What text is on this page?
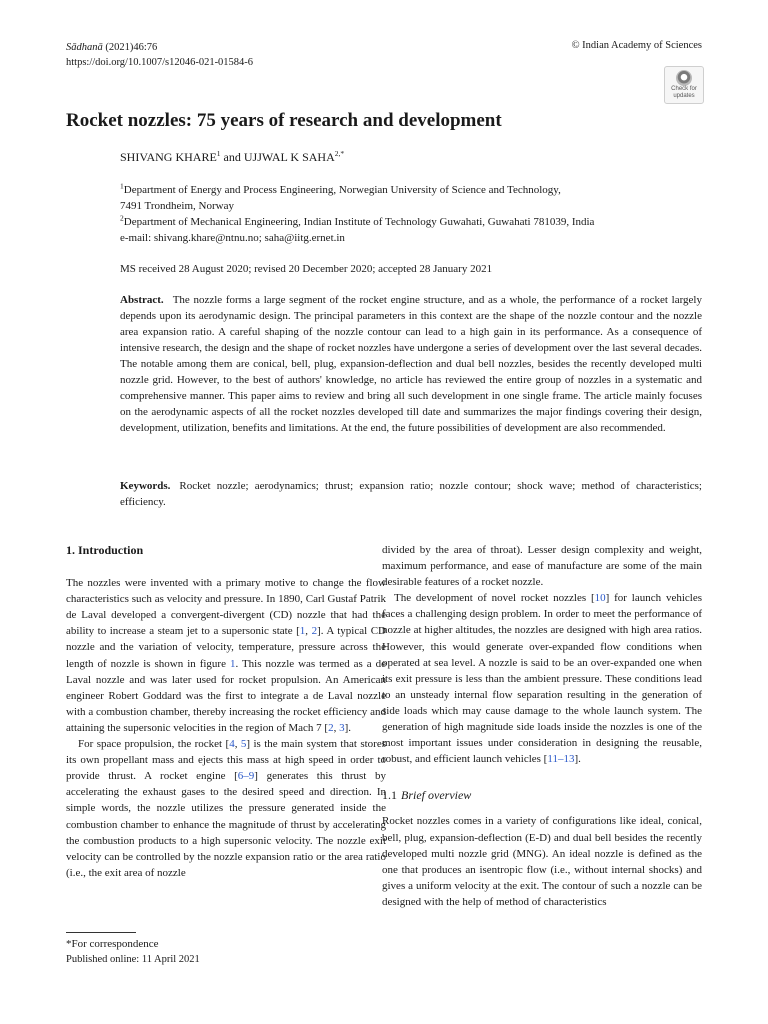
Sādhanā (2021)46:76
https://doi.org/10.1007/s12046-021-01584-6
© Indian Academy of Sciences
Check for
updates
Rocket nozzles: 75 years of research and development
SHIVANG KHARE$^1$ and UJJWAL K $SAHA^{2,*}$
$^1$Department of Energy and Process Engineering, Norwegian University of Science and Technology,
7491 Trondheim, Norway
$^2$Department of Mechanical Engineering, Indian Institute of Technology Guwahati, Guwahati 781039, India
e-mail: shivang.khare@ntnu.no; saha@iitg.ernet.in
MS received 28 August 2020; revised 20 December 2020; accepted 28 January 2021

Abstract. The nozzle forms a large segment of the rocket engine structure, and as a whole, the performance of a rocket largely depends upon its aerodynamic design. The principal parameters in this context are the shape of the nozzle contour and the nozzle area expansion ratio. A careful shaping of the nozzle contour can lead to a high gain in its performance. As a consequence of intensive research, the design and the shape of rocket nozzles have undergone a series of development over the last several decades. The notable among them are conical, bell, plug, expansion-deflection and dual bell nozzles, besides the recently developed multi nozzle grid. However, to the best of authors' knowledge, no article has reviewed the entire group of nozzles in a systematic and comprehensive manner. This paper aims to review and bring all such development in one single frame. The article mainly focuses on the aerodynamic aspects of all the rocket nozzles developed till date and summarizes the major findings covering their design, development, utilization, benefits and limitations. At the end, the future possibilities of development are also recommended.

Keywords. Rocket nozzle; aerodynamics; thrust; expansion ratio; nozzle contour; shock wave; method of characteristics; efficiency.

1. Introduction

The nozzles were invented with a primary motive to change the flow characteristics such as velocity and pressure. In 1890, Carl Gustaf Patrik de Laval developed a convergent-divergent (CD) nozzle that had the ability to increase a steam jet to a supersonic state [1, 2]. A typical CD nozzle and the variation of velocity, temperature, pressure across the length of nozzle is shown in figure 1. This nozzle was termed as a de Laval nozzle and was later used for rocket propulsion. An American engineer Robert Goddard was the first to integrate a de Laval nozzle with a combustion chamber, thereby increasing the rocket efficiency and attaining the supersonic velocities in the region of Mach 7 [2, 3].

For space propulsion, the rocket [4, 5] is the main system that stores its own propellant mass and ejects this mass at high speed in order to provide thrust. A rocket engine [6–9] generates this thrust by accelerating the exhaust gases to the desired speed and direction. In simple words, the nozzle utilizes the pressure generated inside the combustion chamber to enhance the magnitude of thrust by accelerating the combustion products to a high supersonic velocity. The nozzle exit velocity can be controlled by the nozzle expansion ratio or the area ratio (i.e., the exit area of nozzle

divided by the area of throat). Lesser design complexity and weight, maximum performance, and ease of manufacture are some of the main desirable features of a rocket nozzle.

The development of novel rocket nozzles [10] for launch vehicles faces a challenging design problem. In order to meet the performance of nozzle at higher altitudes, the nozzles are designed with high area ratios. However, this would generate over-expanded flow conditions when operated at sea level. A nozzle is said to be an over-expanded one when its exit pressure is less than the ambient pressure. These conditions lead to an unsteady internal flow separation resulting in the generation of side loads which may cause damage to the whole launch system. The generation of high magnitude side loads inside the nozzles is one of the most important issues under consideration in designing the reusable, robust, and efficient launch vehicles [11–13].

1.1 Brief overview

Rocket nozzles comes in a variety of configurations like ideal, conical, bell, plug, expansion-deflection (E-D) and dual bell besides the recently developed multi nozzle grid (MNG). An ideal nozzle is defined as the one that produces an isentropic flow (i.e., without internal shocks) and gives a uniform velocity at the exit. The contour of such a nozzle can be designed with the help of method of characteristics

*For correspondence
Published online: 11 April 2021
